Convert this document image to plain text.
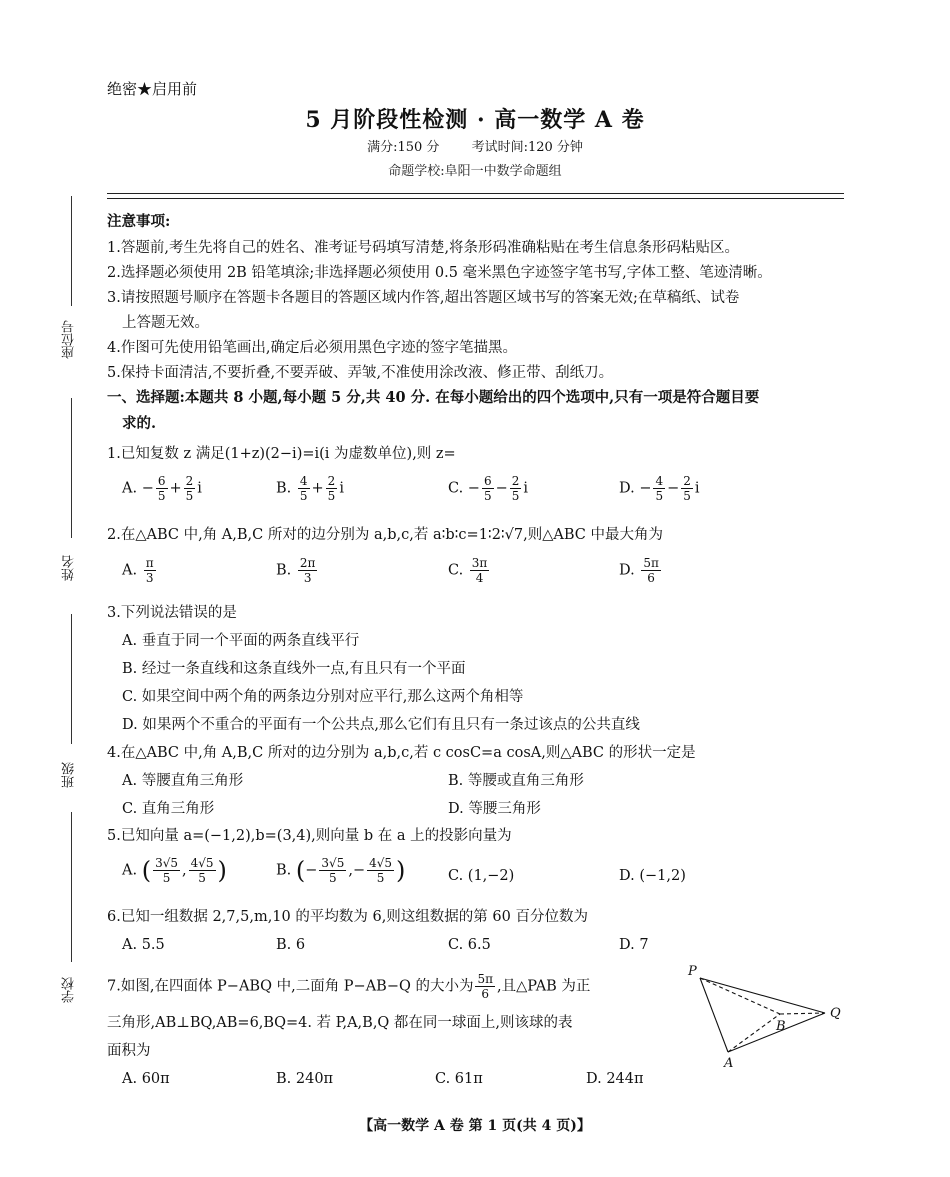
绝密★启用前
5 月阶段性检测 · 高一数学 A 卷
满分:150 分 考试时间:120 分钟
命题学校:阜阳一中数学命题组
座位号
姓名
班级
学校
注意事项:
1.答题前,考生先将自己的姓名、准考证号码填写清楚,将条形码准确粘贴在考生信息条形码粘贴区。
2.选择题必须使用 2B 铅笔填涂;非选择题必须使用 0.5 毫米黑色字迹签字笔书写,字体工整、笔迹清晰。
3.请按照题号顺序在答题卡各题目的答题区域内作答,超出答题区域书写的答案无效;在草稿纸、试卷
上答题无效。
4.作图可先使用铅笔画出,确定后必须用黑色字迹的签字笔描黑。
5.保持卡面清洁,不要折叠,不要弄破、弄皱,不准使用涂改液、修正带、刮纸刀。
一、选择题:本题共 8 小题,每小题 5 分,共 40 分. 在每小题给出的四个选项中,只有一项是符合题目要
求的.
1.已知复数 z 满足(1+z)(2−i)=i(i 为虚数单位),则 z=
A. − $\frac{6}{5} + \frac{2}{5}$ i	B. $\frac{4}{5} + \frac{2}{5}$ i	C. − $\frac{6}{5} - \frac{2}{5}$ i	D. − $\frac{4}{5} - \frac{2}{5}$ i
2.在△ABC 中,角 A,B,C 所对的边分别为 a,b,c,若 a∶b∶c=1∶2∶√7,则△ABC 中最大角为
A. $\frac{\pi}{3}$	B. $\frac{2\pi}{3}$	C. $\frac{3\pi}{4}$	D. $\frac{5\pi}{6}$
3.下列说法错误的是
A. 垂直于同一个平面的两条直线平行
B. 经过一条直线和这条直线外一点,有且只有一个平面
C. 如果空间中两个角的两条边分别对应平行,那么这两个角相等
D. 如果两个不重合的平面有一个公共点,那么它们有且只有一条过该点的公共直线
4.在△ABC 中,角 A,B,C 所对的边分别为 a,b,c,若 c cosC=a cosA,则△ABC 的形状一定是
A. 等腰直角三角形	B. 等腰或直角三角形
C. 直角三角形	D. 等腰三角形
5.已知向量 a=(−1,2),b=(3,4),则向量 b 在 a 上的投影向量为
A. ( $\frac{3√5}{5}$ , $\frac{4√5}{5}$ )	B. (− $\frac{3√5}{5}$ ,− $\frac{4√5}{5}$ )	C. (1,−2)	D. (−1,2)
6.已知一组数据 2,7,5,m,10 的平均数为 6,则这组数据的第 60 百分位数为
A. 5.5	B. 6	C. 6.5	D. 7
7.如图,在四面体 P−ABQ 中,二面角 P−AB−Q 的大小为 $\frac{5\pi}{6}$ ,且△PAB 为正
三角形,AB⊥BQ,AB=6,BQ=4. 若 P,A,B,Q 都在同一球面上,则该球的表
面积为
A. 60π	B. 240π	C. 61π	D. 244π
P
Q
B
A
【高一数学 A 卷 第 1 页(共 4 页)】
